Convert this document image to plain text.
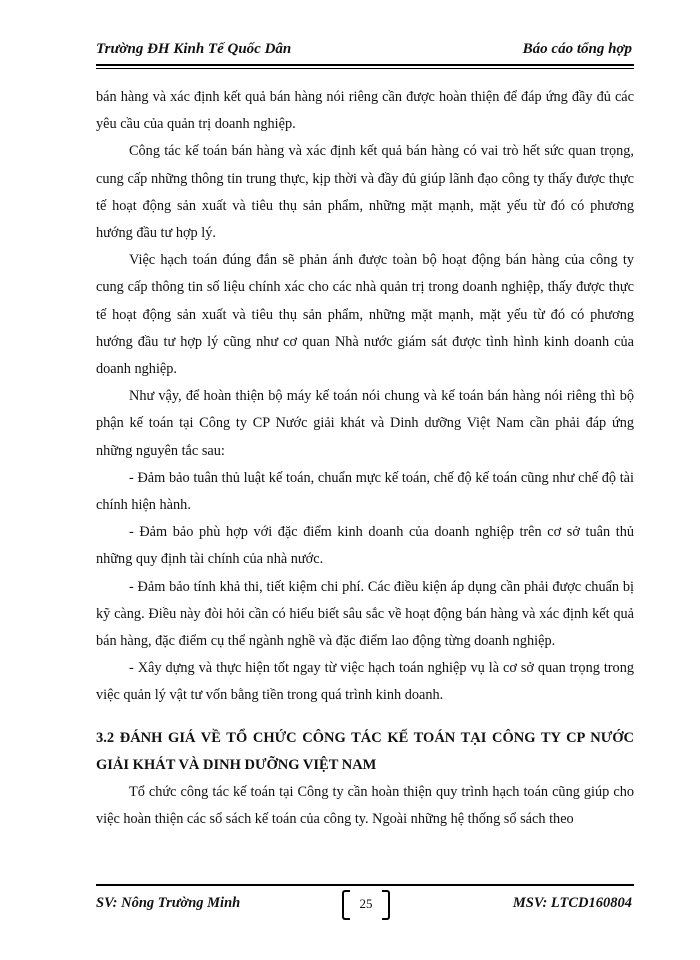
Trường ĐH Kinh Tế Quốc Dân	Báo cáo tổng hợp

bán hàng và xác định kết quả bán hàng nói riêng cần được hoàn thiện để đáp ứng đầy đủ các yêu cầu của quản trị doanh nghiệp.

Công tác kế toán bán hàng và xác định kết quả bán hàng có vai trò hết sức quan trọng, cung cấp những thông tin trung thực, kịp thời và đầy đủ giúp lãnh đạo công ty thấy được thực tế hoạt động sản xuất và tiêu thụ sản phẩm, những mặt mạnh, mặt yếu từ đó có phương hướng đầu tư hợp lý.

Việc hạch toán đúng đắn sẽ phản ánh được toàn bộ hoạt động bán hàng của công ty cung cấp thông tin số liệu chính xác cho các nhà quản trị trong doanh nghiệp, thấy được thực tế hoạt động sản xuất và tiêu thụ sản phẩm, những mặt mạnh, mặt yếu từ đó có phương hướng đầu tư hợp lý cũng như cơ quan Nhà nước giám sát được tình hình kinh doanh của doanh nghiệp.

Như vậy, để hoàn thiện bộ máy kế toán nói chung và kế toán bán hàng nói riêng thì bộ phận kế toán tại Công ty CP Nước giải khát và Dinh dưỡng Việt Nam cần phải đáp ứng những nguyên tắc sau:

- Đảm bảo tuân thủ luật kế toán, chuẩn mực kế toán, chế độ kế toán cũng như chế độ tài chính hiện hành.

- Đảm bảo phù hợp với đặc điểm kinh doanh của doanh nghiệp trên cơ sở tuân thủ những quy định tài chính của nhà nước.

- Đảm bảo tính khả thi, tiết kiệm chi phí. Các điều kiện áp dụng cần phải được chuẩn bị kỹ càng. Điều này đòi hỏi cần có hiểu biết sâu sắc về hoạt động bán hàng và xác định kết quả bán hàng, đặc điểm cụ thể ngành nghề và đặc điểm lao động từng doanh nghiệp.

- Xây dựng và thực hiện tốt ngay từ việc hạch toán nghiệp vụ là cơ sở quan trọng trong việc quản lý vật tư vốn bằng tiền trong quá trình kinh doanh.

3.2 ĐÁNH GIÁ VỀ TỔ CHỨC CÔNG TÁC KẾ TOÁN TẠI CÔNG TY CP NƯỚC GIẢI KHÁT VÀ DINH DƯỠNG VIỆT NAM

Tổ chức công tác kế toán tại Công ty cần hoàn thiện quy trình hạch toán cũng giúp cho việc hoàn thiện các sổ sách kế toán của công ty. Ngoài những hệ thống sổ sách theo

SV: Nông Trường Minh	MSV: LTCD160804
25
